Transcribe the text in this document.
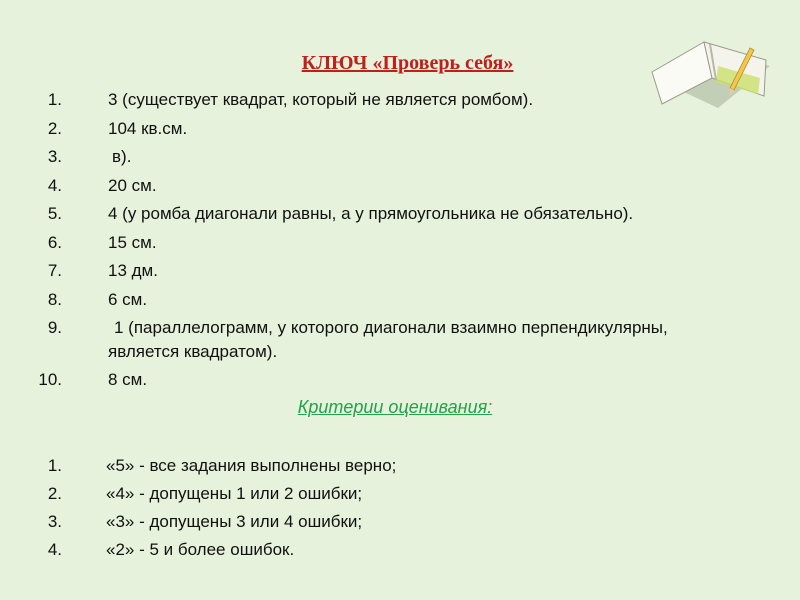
КЛЮЧ «Проверь себя»
1.	3 (существует квадрат, который не является ромбом).
2.	104 кв.см.
3.	в).
4.	20 см.
5.	4 (у ромба диагонали равны, а у прямоугольника не обязательно).
6.	15 см.
7.	13 дм.
8.	6 см.
9.	1 (параллелограмм, у которого диагонали взаимно перпендикулярны, является квадратом).
10.	8 см.
Критерии оценивания:
1.	«5» - все задания выполнены верно;
2.	«4» - допущены 1 или 2 ошибки;
3.	«3» - допущены 3 или 4 ошибки;
4.	«2» - 5 и более ошибок.
